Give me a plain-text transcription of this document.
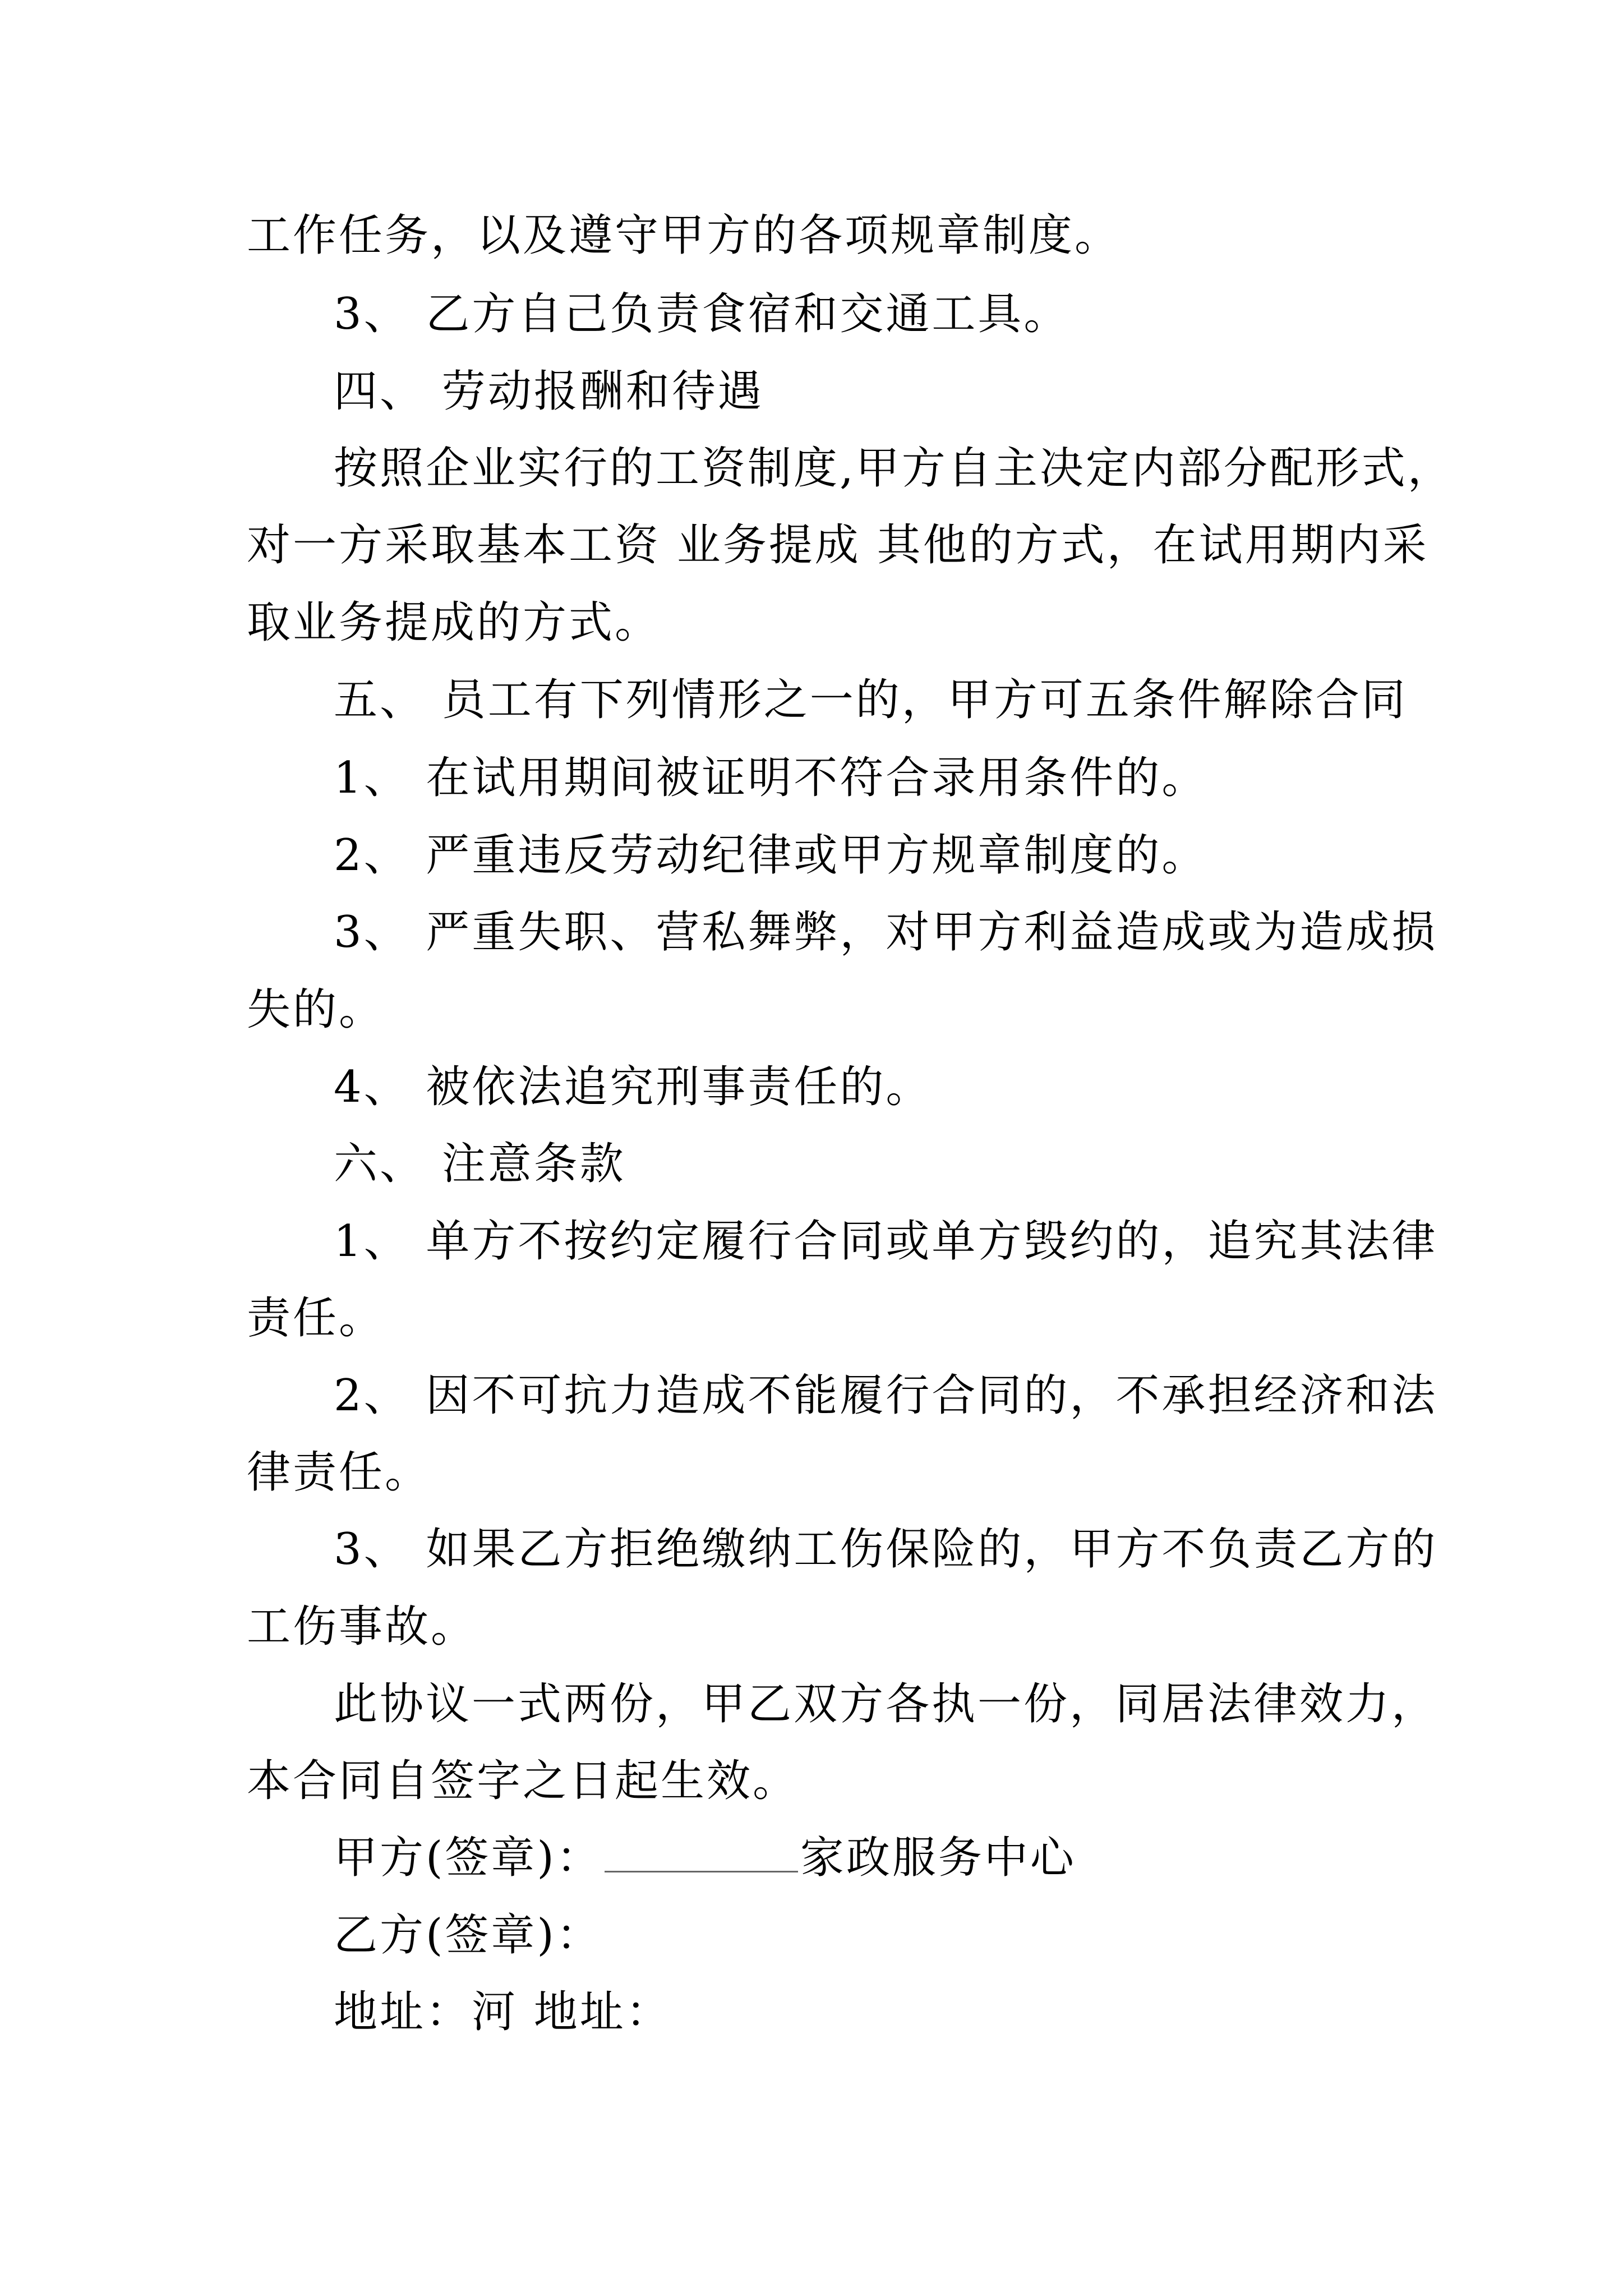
工作任务，以及遵守甲方的各项规章制度。
3、 乙方自己负责食宿和交通工具。
四、 劳动报酬和待遇
按照企业实行的工资制度,甲方自主决定内部分配形式，
对一方采取基本工资 业务提成 其他的方式，在试用期内采
取业务提成的方式。
五、 员工有下列情形之一的，甲方可五条件解除合同
1、 在试用期间被证明不符合录用条件的。
2、 严重违反劳动纪律或甲方规章制度的。
3、 严重失职、营私舞弊，对甲方利益造成或为造成损
失的。
4、 被依法追究刑事责任的。
六、 注意条款
1、 单方不按约定履行合同或单方毁约的，追究其法律
责任。
2、 因不可抗力造成不能履行合同的，不承担经济和法
律责任。
3、 如果乙方拒绝缴纳工伤保险的，甲方不负责乙方的
工伤事故。
此协议一式两份，甲乙双方各执一份，同居法律效力，
本合同自签字之日起生效。
甲方(签章)：	家政服务中心
乙方(签章)：
地址：河 地址：
